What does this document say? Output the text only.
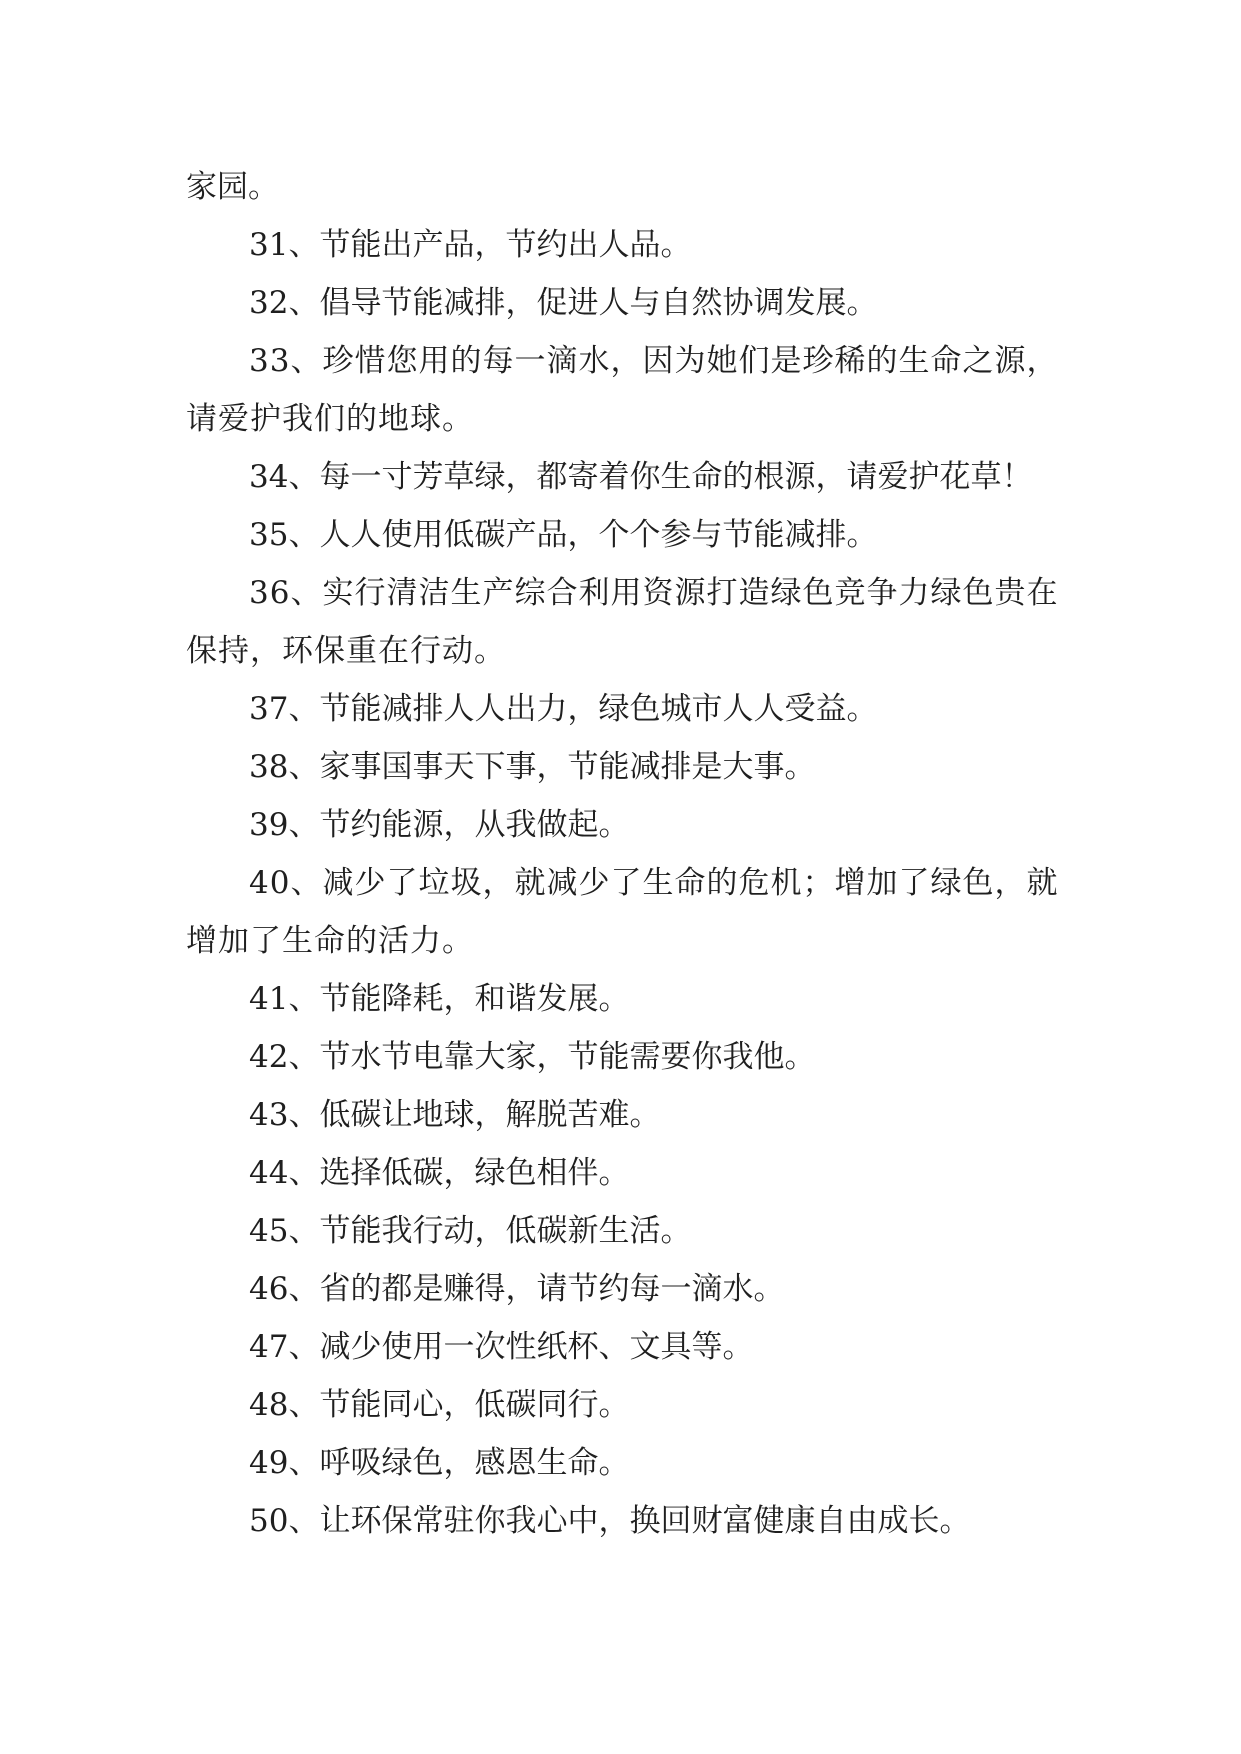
家园。

31、节能出产品，节约出人品。

32、倡导节能减排，促进人与自然协调发展。

33、珍惜您用的每一滴水，因为她们是珍稀的生命之源，请爱护我们的地球。

34、每一寸芳草绿，都寄着你生命的根源，请爱护花草！

35、人人使用低碳产品，个个参与节能减排。

36、实行清洁生产综合利用资源打造绿色竞争力绿色贵在保持，环保重在行动。

37、节能减排人人出力，绿色城市人人受益。

38、家事国事天下事，节能减排是大事。

39、节约能源，从我做起。

40、减少了垃圾，就减少了生命的危机；增加了绿色，就增加了生命的活力。

41、节能降耗，和谐发展。

42、节水节电靠大家，节能需要你我他。

43、低碳让地球，解脱苦难。

44、选择低碳，绿色相伴。

45、节能我行动，低碳新生活。

46、省的都是赚得，请节约每一滴水。

47、减少使用一次性纸杯、文具等。

48、节能同心，低碳同行。

49、呼吸绿色，感恩生命。

50、让环保常驻你我心中，换回财富健康自由成长。
